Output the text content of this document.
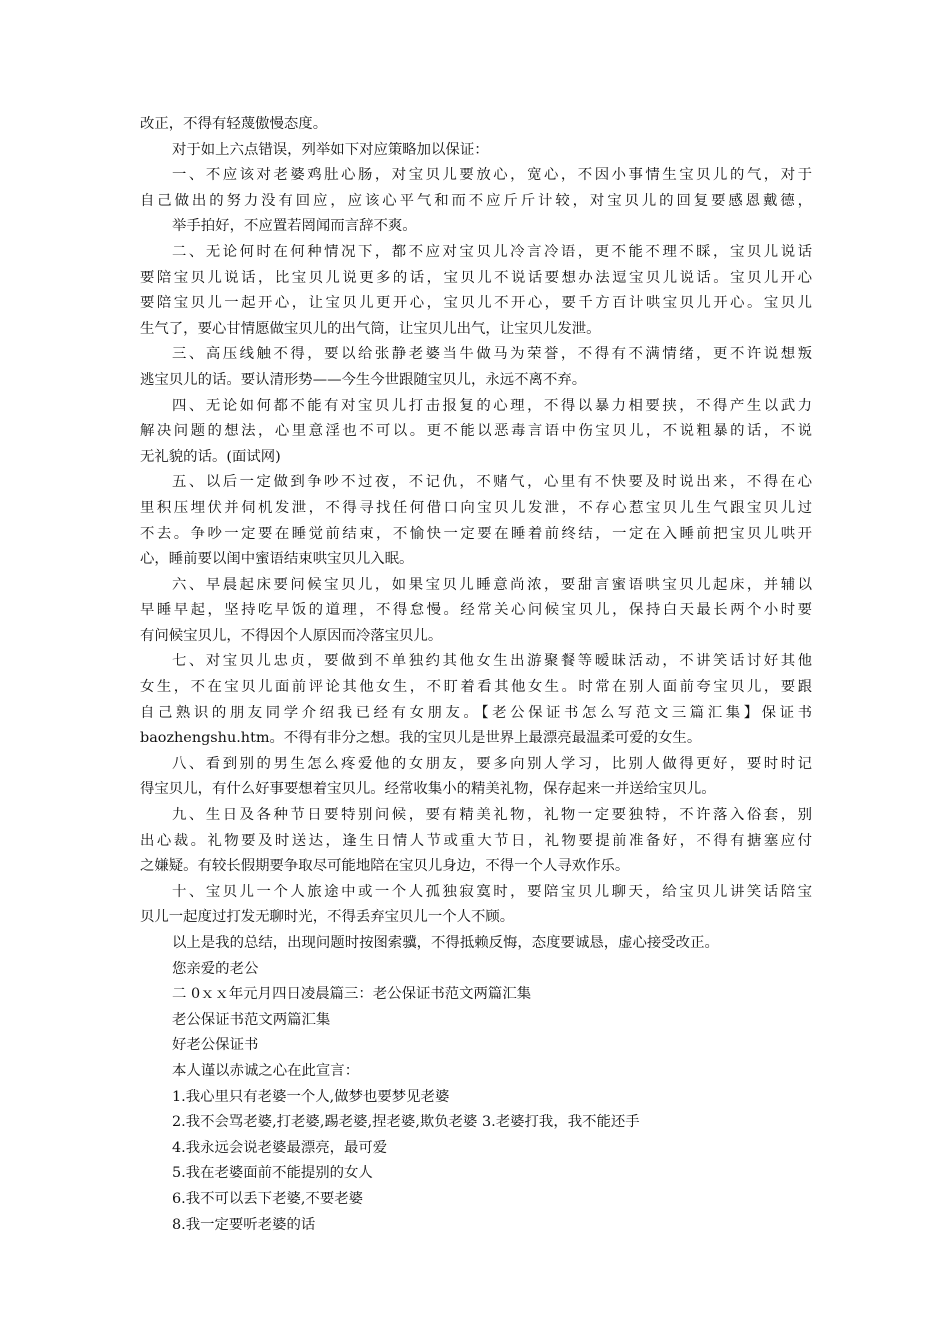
改正，不得有轻蔑傲慢态度。
对于如上六点错误，列举如下对应策略加以保证：
一、不应该对老婆鸡肚心肠，对宝贝儿要放心，宽心，不因小事情生宝贝儿的气，对于
自己做出的努力没有回应，应该心平气和而不应斤斤计较，对宝贝儿的回复要感恩戴德，
举手拍好，不应置若罔闻而言辞不爽。
二、无论何时在何种情况下，都不应对宝贝儿冷言冷语，更不能不理不睬，宝贝儿说话
要陪宝贝儿说话，比宝贝儿说更多的话，宝贝儿不说话要想办法逗宝贝儿说话。宝贝儿开心
要陪宝贝儿一起开心，让宝贝儿更开心，宝贝儿不开心，要千方百计哄宝贝儿开心。宝贝儿
生气了，要心甘情愿做宝贝儿的出气筒，让宝贝儿出气，让宝贝儿发泄。
三、高压线触不得，要以给张静老婆当牛做马为荣誉，不得有不满情绪，更不许说想叛
逃宝贝儿的话。要认清形势——今生今世跟随宝贝儿，永远不离不弃。
四、无论如何都不能有对宝贝儿打击报复的心理，不得以暴力相要挟，不得产生以武力
解决问题的想法，心里意淫也不可以。更不能以恶毒言语中伤宝贝儿，不说粗暴的话，不说
无礼貌的话。(面试网)
五、以后一定做到争吵不过夜，不记仇，不赌气，心里有不快要及时说出来，不得在心
里积压埋伏并伺机发泄，不得寻找任何借口向宝贝儿发泄，不存心惹宝贝儿生气跟宝贝儿过
不去。争吵一定要在睡觉前结束，不愉快一定要在睡着前终结，一定在入睡前把宝贝儿哄开
心，睡前要以闺中蜜语结束哄宝贝儿入眠。
六、早晨起床要问候宝贝儿，如果宝贝儿睡意尚浓，要甜言蜜语哄宝贝儿起床，并辅以
早睡早起，坚持吃早饭的道理，不得怠慢。经常关心问候宝贝儿，保持白天最长两个小时要
有问候宝贝儿，不得因个人原因而冷落宝贝儿。
七、对宝贝儿忠贞，要做到不单独约其他女生出游聚餐等暧昧活动，不讲笑话讨好其他
女生，不在宝贝儿面前评论其他女生，不盯着看其他女生。时常在别人面前夸宝贝儿，要跟
自己熟识的朋友同学介绍我已经有女朋友。【老公保证书怎么写范文三篇汇集】保证书
baozhengshu.htm。不得有非分之想。我的宝贝儿是世界上最漂亮最温柔可爱的女生。
八、看到别的男生怎么疼爱他的女朋友，要多向别人学习，比别人做得更好，要时时记
得宝贝儿，有什么好事要想着宝贝儿。经常收集小的精美礼物，保存起来一并送给宝贝儿。
九、生日及各种节日要特别问候，要有精美礼物，礼物一定要独特，不许落入俗套，别
出心裁。礼物要及时送达，逢生日情人节或重大节日，礼物要提前准备好，不得有搪塞应付
之嫌疑。有较长假期要争取尽可能地陪在宝贝儿身边，不得一个人寻欢作乐。
十、宝贝儿一个人旅途中或一个人孤独寂寞时，要陪宝贝儿聊天，给宝贝儿讲笑话陪宝
贝儿一起度过打发无聊时光，不得丢弃宝贝儿一个人不顾。
以上是我的总结，出现问题时按图索骥，不得抵赖反悔，态度要诚恳，虚心接受改正。
您亲爱的老公
二 0ｘｘ年元月四日凌晨篇三：老公保证书范文两篇汇集
老公保证书范文两篇汇集
好老公保证书
本人谨以赤诚之心在此宣言：
1.我心里只有老婆一个人,做梦也要梦见老婆
2.我不会骂老婆,打老婆,踢老婆,捏老婆,欺负老婆 3.老婆打我，我不能还手
4.我永远会说老婆最漂亮，最可爱
5.我在老婆面前不能提别的女人
6.我不可以丢下老婆,不要老婆
8.我一定要听老婆的话
